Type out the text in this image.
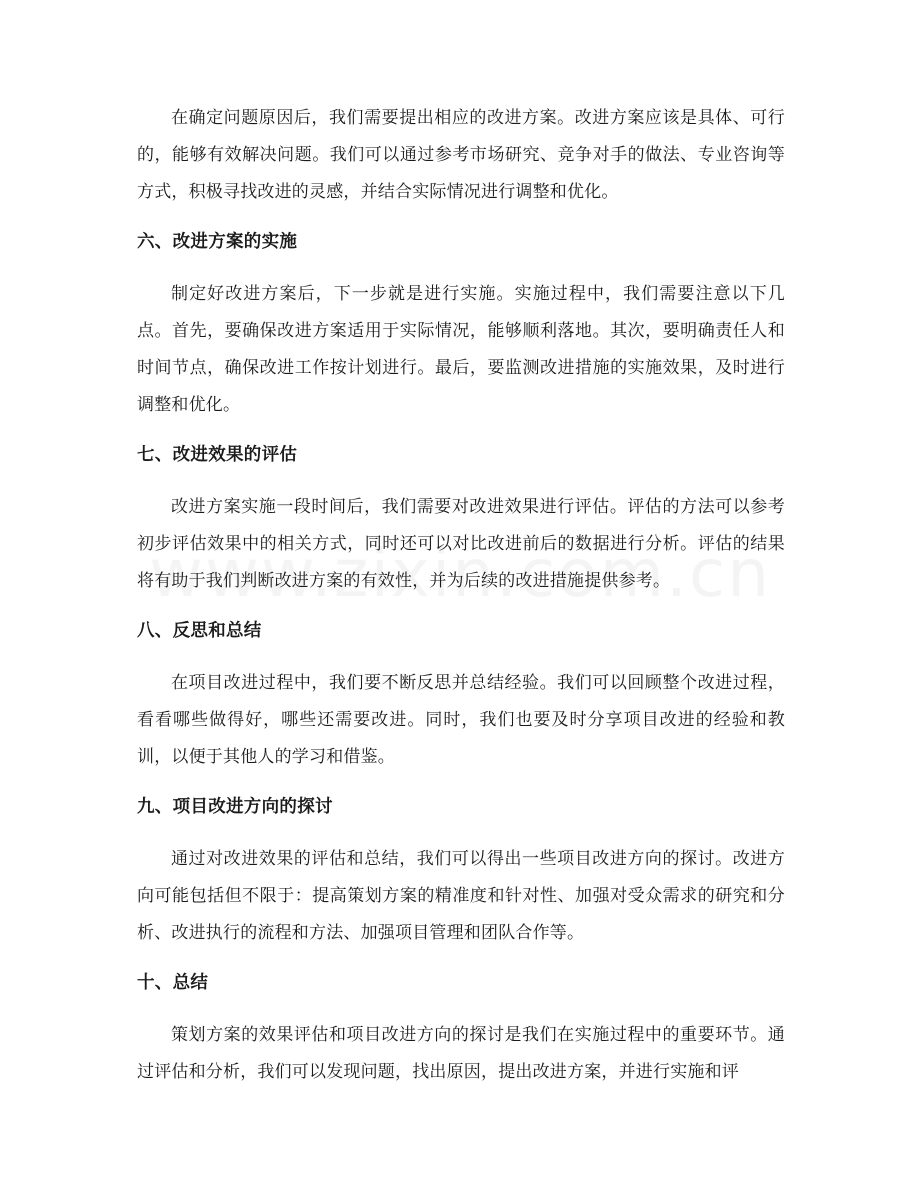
在确定问题原因后，我们需要提出相应的改进方案。改进方案应该是具体、可行的，能够有效解决问题。我们可以通过参考市场研究、竞争对手的做法、专业咨询等方式，积极寻找改进的灵感，并结合实际情况进行调整和优化。

六、改进方案的实施

制定好改进方案后，下一步就是进行实施。实施过程中，我们需要注意以下几点。首先，要确保改进方案适用于实际情况，能够顺利落地。其次，要明确责任人和时间节点，确保改进工作按计划进行。最后，要监测改进措施的实施效果，及时进行调整和优化。

七、改进效果的评估

改进方案实施一段时间后，我们需要对改进效果进行评估。评估的方法可以参考初步评估效果中的相关方式，同时还可以对比改进前后的数据进行分析。评估的结果将有助于我们判断改进方案的有效性，并为后续的改进措施提供参考。

八、反思和总结

在项目改进过程中，我们要不断反思并总结经验。我们可以回顾整个改进过程，看看哪些做得好，哪些还需要改进。同时，我们也要及时分享项目改进的经验和教训，以便于其他人的学习和借鉴。

九、项目改进方向的探讨

通过对改进效果的评估和总结，我们可以得出一些项目改进方向的探讨。改进方向可能包括但不限于：提高策划方案的精准度和针对性、加强对受众需求的研究和分析、改进执行的流程和方法、加强项目管理和团队合作等。

十、总结

策划方案的效果评估和项目改进方向的探讨是我们在实施过程中的重要环节。通过评估和分析，我们可以发现问题，找出原因，提出改进方案，并进行实施和评
